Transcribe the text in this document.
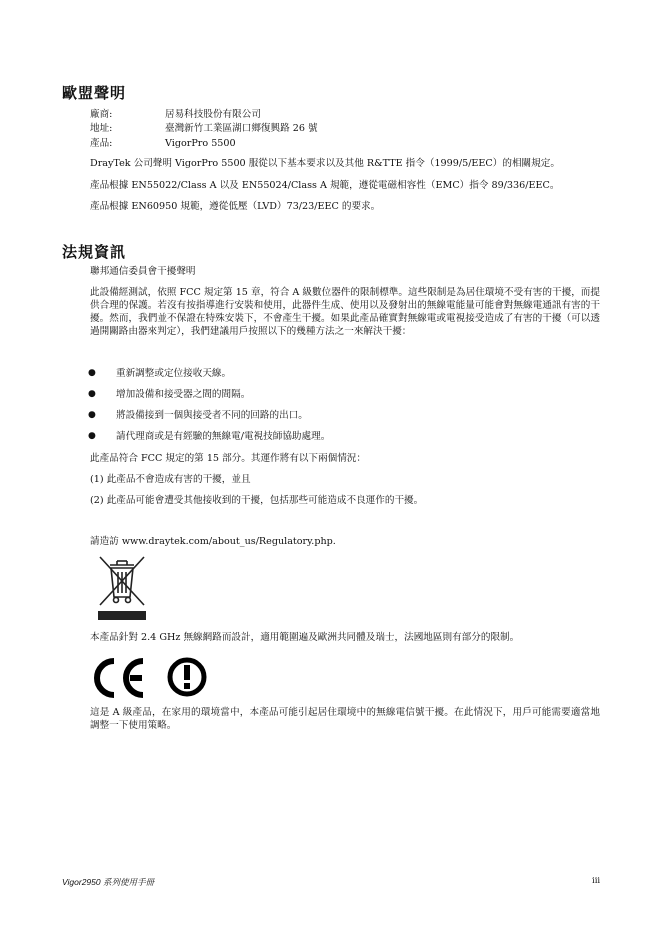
歐盟聲明
廠商:	居易科技股份有限公司
地址:	臺灣新竹工業區湖口鄉復興路 26 號
產品:	VigorPro 5500
DrayTek 公司聲明 VigorPro 5500 服從以下基本要求以及其他 R&TTE 指令（1999/5/EEC）的相關規定。
產品根據 EN55022/Class A 以及 EN55024/Class A 規範，遵從電磁相容性（EMC）指令 89/336/EEC。
產品根據 EN60950 規範，遵從低壓（LVD）73/23/EEC 的要求。
法規資訊
聯邦通信委員會干擾聲明
此設備經測試，依照 FCC 規定第 15 章，符合 A 級數位器件的限制標準。這些限制是為居住環境不受有害的干擾，而提供合理的保護。若沒有按指導進行安裝和使用，此器件生成、使用以及發射出的無線電能量可能會對無線電通訊有害的干擾。然而，我們並不保證在特殊安裝下，不會產生干擾。如果此產品確實對無線電或電視接受造成了有害的干擾（可以透過開關路由器來判定），我們建議用戶按照以下的幾種方法之一來解決干擾：
● 重新調整或定位接收天線。
● 增加設備和接受器之間的間隔。
● 將設備接到一個與接受者不同的回路的出口。
● 請代理商或是有經驗的無線電/電視技師協助處理。
此產品符合 FCC 規定的第 15 部分。其運作將有以下兩個情況：
(1) 此產品不會造成有害的干擾，並且
(2) 此產品可能會遭受其他接收到的干擾，包括那些可能造成不良運作的干擾。
請造訪 www.draytek.com/about_us/Regulatory.php.
本產品針對 2.4 GHz 無線網路而設計，適用範圍遍及歐洲共同體及瑞士，法國地區則有部分的限制。
這是 A 級產品，在家用的環境當中，本產品可能引起居住環境中的無線電信號干擾。在此情況下，用戶可能需要適當地調整一下使用策略。
Vigor2950 系列使用手冊	iii
